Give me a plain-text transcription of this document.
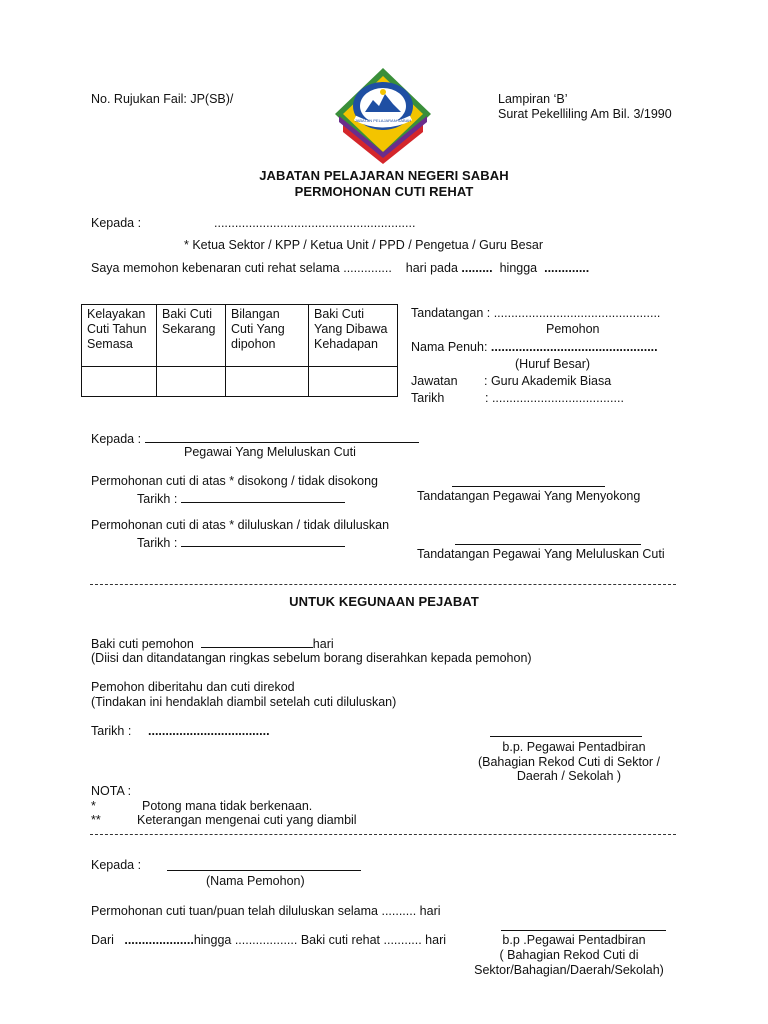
No. Rujukan Fail: JP(SB)/	Lampiran ‘B’
Surat Pekelliling Am Bil. 3/1990
JABATAN PELAJARAN SABAH
JABATAN PELAJARAN NEGERI SABAH
PERMOHONAN CUTI REHAT
Kepada :	..........................................................
* Ketua Sektor / KPP / Ketua Unit / PPD / Pengetua / Guru Besar
Saya memohon kebenaran cuti rehat selama .............. hari pada ......... hingga .............
Kelayakan Cuti Tahun Semasa	Baki Cuti Sekarang	Bilangan Cuti Yang dipohon	Baki Cuti Yang Dibawa Kehadapan

Tandatangan : ................................................
Pemohon
Nama Penuh: ................................................
(Huruf Besar)
Jawatan : Guru Akademik Biasa
Tarikh	: ......................................
Kepada :
Pegawai Yang Meluluskan Cuti
Permohonan cuti di atas * disokong / tidak disokong
Tarikh :	Tandatangan Pegawai Yang Menyokong
Permohonan cuti di atas * diluluskan / tidak diluluskan
Tarikh :
Tandatangan Pegawai Yang Meluluskan Cuti
UNTUK KEGUNAAN PEJABAT
Baki cuti pemohon	hari
(Diisi dan ditandatangan ringkas sebelum borang diserahkan kepada pemohon)
Pemohon diberitahu dan cuti direkod
(Tindakan ini hendaklah diambil setelah cuti diluluskan)
Tarikh : ...................................
b.p. Pegawai Pentadbiran
(Bahagian Rekod Cuti di Sektor /
Daerah / Sekolah )
NOTA :
*	Potong mana tidak berkenaan.
**	Keterangan mengenai cuti yang diambil
Kepada :
(Nama Pemohon)
Permohonan cuti tuan/puan telah diluluskan selama .......... hari
Dari ....................hingga .................. Baki cuti rehat ........... hari	b.p .Pegawai Pentadbiran
( Bahagian Rekod Cuti di
Sektor/Bahagian/Daerah/Sekolah)
